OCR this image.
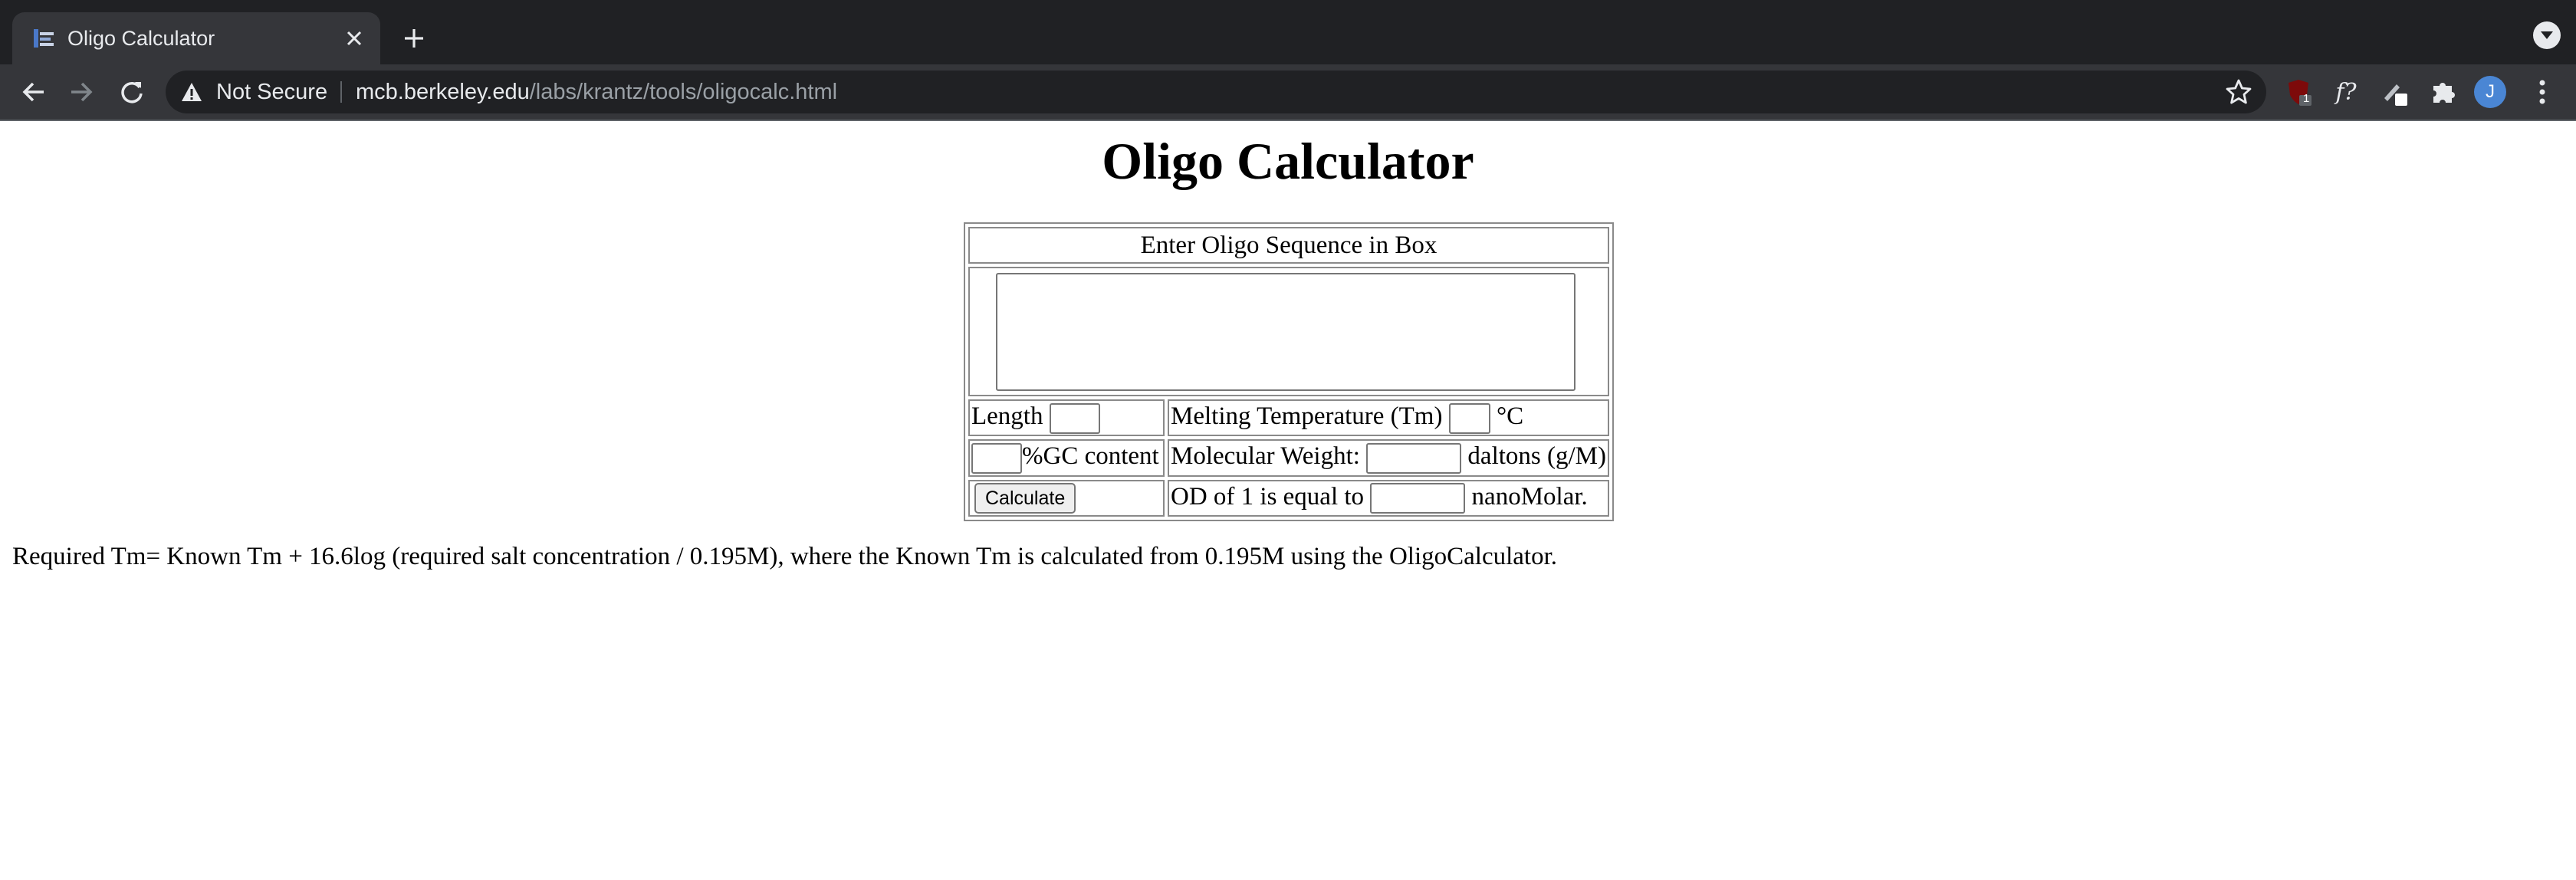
Oligo Calculator
Not Secure mcb.berkeley.edu/labs/krantz/tools/oligocalc.html	1 f?	J
Oligo Calculator
Enter Oligo Sequence in Box	

Length	Melting Temperature (Tm) °C
%GC content	Molecular Weight: daltons (g/M)
Calculate	OD of 1 is equal to nanoMolar.
Required Tm= Known Tm + 16.6log (required salt concentration / 0.195M), where the Known Tm is calculated from 0.195M using the OligoCalculator.
